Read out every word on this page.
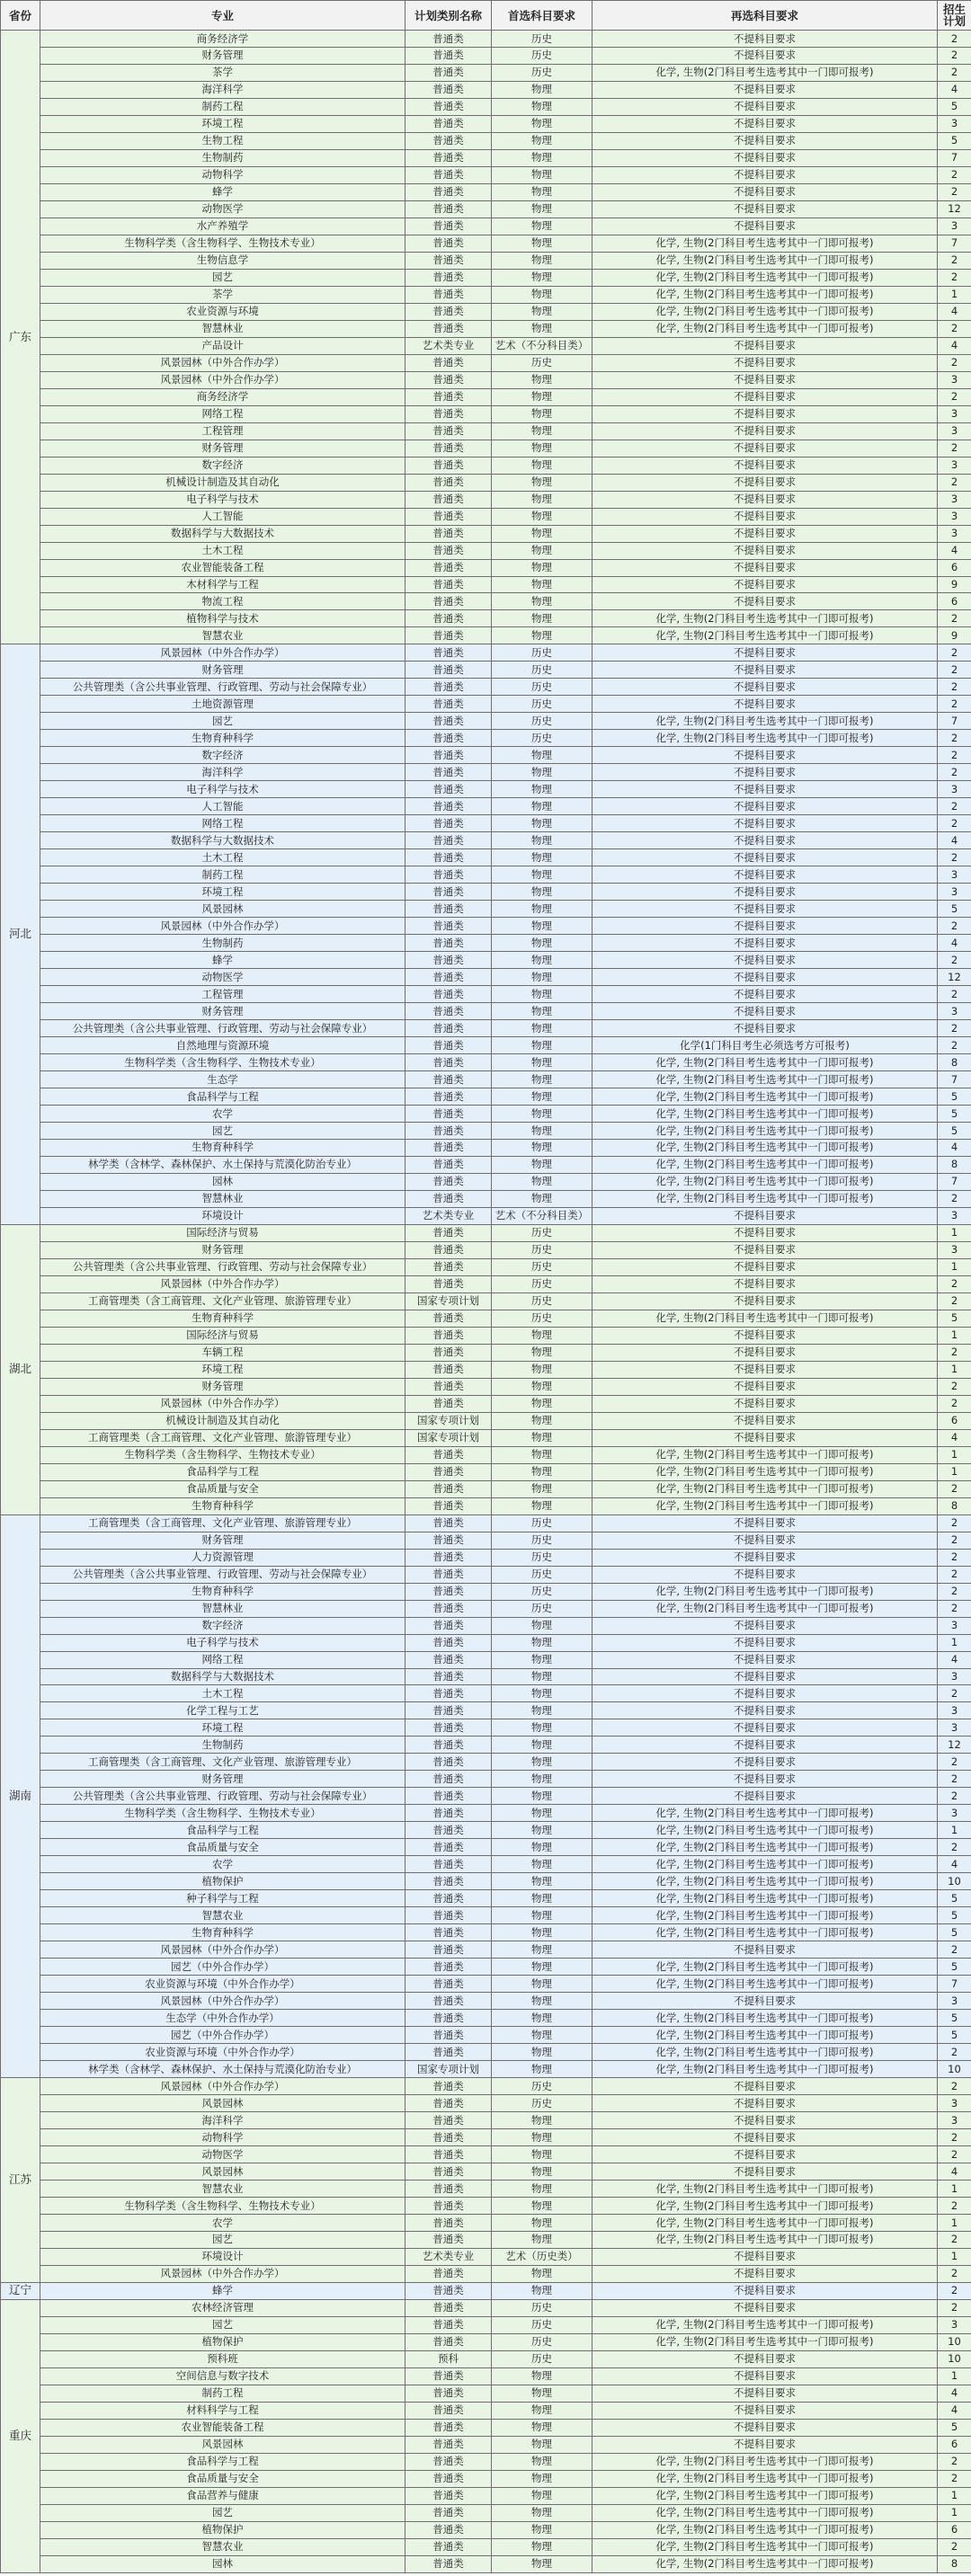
省份	专业	计划类别名称	首选科目要求	再选科目要求	招生计划
广东	商务经济学	普通类	历史	不提科目要求	2
	财务管理	普通类	历史	不提科目要求	2
	茶学	普通类	历史	化学, 生物(2门科目考生选考其中一门即可报考)	2
	海洋科学	普通类	物理	不提科目要求	4
	制药工程	普通类	物理	不提科目要求	5
	环境工程	普通类	物理	不提科目要求	3
	生物工程	普通类	物理	不提科目要求	5
	生物制药	普通类	物理	不提科目要求	7
	动物科学	普通类	物理	不提科目要求	2
	蜂学	普通类	物理	不提科目要求	2
	动物医学	普通类	物理	不提科目要求	12
	水产养殖学	普通类	物理	不提科目要求	3
	生物科学类（含生物科学、生物技术专业）	普通类	物理	化学, 生物(2门科目考生选考其中一门即可报考)	7
	生物信息学	普通类	物理	化学, 生物(2门科目考生选考其中一门即可报考)	2
	园艺	普通类	物理	化学, 生物(2门科目考生选考其中一门即可报考)	2
	茶学	普通类	物理	化学, 生物(2门科目考生选考其中一门即可报考)	1
	农业资源与环境	普通类	物理	化学, 生物(2门科目考生选考其中一门即可报考)	4
	智慧林业	普通类	物理	化学, 生物(2门科目考生选考其中一门即可报考)	2
	产品设计	艺术类专业	艺术（不分科目类）	不提科目要求	4
	风景园林（中外合作办学）	普通类	历史	不提科目要求	2
	风景园林（中外合作办学）	普通类	物理	不提科目要求	3
	商务经济学	普通类	物理	不提科目要求	2
	网络工程	普通类	物理	不提科目要求	3
	工程管理	普通类	物理	不提科目要求	3
	财务管理	普通类	物理	不提科目要求	2
	数字经济	普通类	物理	不提科目要求	3
	机械设计制造及其自动化	普通类	物理	不提科目要求	2
	电子科学与技术	普通类	物理	不提科目要求	3
	人工智能	普通类	物理	不提科目要求	3
	数据科学与大数据技术	普通类	物理	不提科目要求	3
	土木工程	普通类	物理	不提科目要求	4
	农业智能装备工程	普通类	物理	不提科目要求	6
	木材科学与工程	普通类	物理	不提科目要求	9
	物流工程	普通类	物理	不提科目要求	6
	植物科学与技术	普通类	物理	化学, 生物(2门科目考生选考其中一门即可报考)	2
	智慧农业	普通类	物理	化学, 生物(2门科目考生选考其中一门即可报考)	9
河北	风景园林（中外合作办学）	普通类	历史	不提科目要求	2
	财务管理	普通类	历史	不提科目要求	2
	公共管理类（含公共事业管理、行政管理、劳动与社会保障专业）	普通类	历史	不提科目要求	2
	土地资源管理	普通类	历史	不提科目要求	2
	园艺	普通类	历史	化学, 生物(2门科目考生选考其中一门即可报考)	7
	生物育种科学	普通类	历史	化学, 生物(2门科目考生选考其中一门即可报考)	2
	数字经济	普通类	物理	不提科目要求	2
	海洋科学	普通类	物理	不提科目要求	2
	电子科学与技术	普通类	物理	不提科目要求	3
	人工智能	普通类	物理	不提科目要求	2
	网络工程	普通类	物理	不提科目要求	2
	数据科学与大数据技术	普通类	物理	不提科目要求	4
	土木工程	普通类	物理	不提科目要求	2
	制药工程	普通类	物理	不提科目要求	3
	环境工程	普通类	物理	不提科目要求	3
	风景园林	普通类	物理	不提科目要求	5
	风景园林（中外合作办学）	普通类	物理	不提科目要求	2
	生物制药	普通类	物理	不提科目要求	4
	蜂学	普通类	物理	不提科目要求	2
	动物医学	普通类	物理	不提科目要求	12
	工程管理	普通类	物理	不提科目要求	2
	财务管理	普通类	物理	不提科目要求	3
	公共管理类（含公共事业管理、行政管理、劳动与社会保障专业）	普通类	物理	不提科目要求	2
	自然地理与资源环境	普通类	物理	化学(1门科目考生必须选考方可报考)	2
	生物科学类（含生物科学、生物技术专业）	普通类	物理	化学, 生物(2门科目考生选考其中一门即可报考)	8
	生态学	普通类	物理	化学, 生物(2门科目考生选考其中一门即可报考)	7
	食品科学与工程	普通类	物理	化学, 生物(2门科目考生选考其中一门即可报考)	5
	农学	普通类	物理	化学, 生物(2门科目考生选考其中一门即可报考)	5
	园艺	普通类	物理	化学, 生物(2门科目考生选考其中一门即可报考)	5
	生物育种科学	普通类	物理	化学, 生物(2门科目考生选考其中一门即可报考)	4
	林学类（含林学、森林保护、水土保持与荒漠化防治专业）	普通类	物理	化学, 生物(2门科目考生选考其中一门即可报考)	8
	园林	普通类	物理	化学, 生物(2门科目考生选考其中一门即可报考)	7
	智慧林业	普通类	物理	化学, 生物(2门科目考生选考其中一门即可报考)	2
	环境设计	艺术类专业	艺术（不分科目类）	不提科目要求	3
湖北	国际经济与贸易	普通类	历史	不提科目要求	1
	财务管理	普通类	历史	不提科目要求	3
	公共管理类（含公共事业管理、行政管理、劳动与社会保障专业）	普通类	历史	不提科目要求	1
	风景园林（中外合作办学）	普通类	历史	不提科目要求	2
	工商管理类（含工商管理、文化产业管理、旅游管理专业）	国家专项计划	历史	不提科目要求	2
	生物育种科学	普通类	历史	化学, 生物(2门科目考生选考其中一门即可报考)	5
	国际经济与贸易	普通类	物理	不提科目要求	1
	车辆工程	普通类	物理	不提科目要求	2
	环境工程	普通类	物理	不提科目要求	1
	财务管理	普通类	物理	不提科目要求	2
	风景园林（中外合作办学）	普通类	物理	不提科目要求	2
	机械设计制造及其自动化	国家专项计划	物理	不提科目要求	6
	工商管理类（含工商管理、文化产业管理、旅游管理专业）	国家专项计划	物理	不提科目要求	4
	生物科学类（含生物科学、生物技术专业）	普通类	物理	化学, 生物(2门科目考生选考其中一门即可报考)	1
	食品科学与工程	普通类	物理	化学, 生物(2门科目考生选考其中一门即可报考)	1
	食品质量与安全	普通类	物理	化学, 生物(2门科目考生选考其中一门即可报考)	2
	生物育种科学	普通类	物理	化学, 生物(2门科目考生选考其中一门即可报考)	8
湖南	工商管理类（含工商管理、文化产业管理、旅游管理专业）	普通类	历史	不提科目要求	2
	财务管理	普通类	历史	不提科目要求	2
	人力资源管理	普通类	历史	不提科目要求	2
	公共管理类（含公共事业管理、行政管理、劳动与社会保障专业）	普通类	历史	不提科目要求	2
	生物育种科学	普通类	历史	化学, 生物(2门科目考生选考其中一门即可报考)	2
	智慧林业	普通类	历史	化学, 生物(2门科目考生选考其中一门即可报考)	2
	数字经济	普通类	物理	不提科目要求	3
	电子科学与技术	普通类	物理	不提科目要求	1
	网络工程	普通类	物理	不提科目要求	4
	数据科学与大数据技术	普通类	物理	不提科目要求	3
	土木工程	普通类	物理	不提科目要求	2
	化学工程与工艺	普通类	物理	不提科目要求	3
	环境工程	普通类	物理	不提科目要求	3
	生物制药	普通类	物理	不提科目要求	12
	工商管理类（含工商管理、文化产业管理、旅游管理专业）	普通类	物理	不提科目要求	2
	财务管理	普通类	物理	不提科目要求	2
	公共管理类（含公共事业管理、行政管理、劳动与社会保障专业）	普通类	物理	不提科目要求	2
	生物科学类（含生物科学、生物技术专业）	普通类	物理	化学, 生物(2门科目考生选考其中一门即可报考)	3
	食品科学与工程	普通类	物理	化学, 生物(2门科目考生选考其中一门即可报考)	1
	食品质量与安全	普通类	物理	化学, 生物(2门科目考生选考其中一门即可报考)	2
	农学	普通类	物理	化学, 生物(2门科目考生选考其中一门即可报考)	4
	植物保护	普通类	物理	化学, 生物(2门科目考生选考其中一门即可报考)	10
	种子科学与工程	普通类	物理	化学, 生物(2门科目考生选考其中一门即可报考)	5
	智慧农业	普通类	物理	化学, 生物(2门科目考生选考其中一门即可报考)	5
	生物育种科学	普通类	物理	化学, 生物(2门科目考生选考其中一门即可报考)	5
	风景园林（中外合作办学）	普通类	物理	不提科目要求	2
	园艺（中外合作办学）	普通类	物理	化学, 生物(2门科目考生选考其中一门即可报考)	5
	农业资源与环境（中外合作办学）	普通类	物理	化学, 生物(2门科目考生选考其中一门即可报考)	7
	风景园林（中外合作办学）	普通类	物理	不提科目要求	3
	生态学（中外合作办学）	普通类	物理	化学, 生物(2门科目考生选考其中一门即可报考)	5
	园艺（中外合作办学）	普通类	物理	化学, 生物(2门科目考生选考其中一门即可报考)	5
	农业资源与环境（中外合作办学）	普通类	物理	化学, 生物(2门科目考生选考其中一门即可报考)	2
	林学类（含林学、森林保护、水土保持与荒漠化防治专业）	国家专项计划	物理	化学, 生物(2门科目考生选考其中一门即可报考)	10
江苏	风景园林（中外合作办学）	普通类	历史	不提科目要求	2
	风景园林	普通类	历史	不提科目要求	3
	海洋科学	普通类	物理	不提科目要求	3
	动物科学	普通类	物理	不提科目要求	2
	动物医学	普通类	物理	不提科目要求	2
	风景园林	普通类	物理	不提科目要求	4
	智慧农业	普通类	物理	化学, 生物(2门科目考生选考其中一门即可报考)	1
	生物科学类（含生物科学、生物技术专业）	普通类	物理	化学, 生物(2门科目考生选考其中一门即可报考)	2
	农学	普通类	物理	化学, 生物(2门科目考生选考其中一门即可报考)	1
	园艺	普通类	物理	化学, 生物(2门科目考生选考其中一门即可报考)	2
	环境设计	艺术类专业	艺术（历史类）	不提科目要求	1
	风景园林（中外合作办学）	普通类	物理	不提科目要求	2
辽宁	蜂学	普通类	物理	不提科目要求	2
重庆	农林经济管理	普通类	历史	不提科目要求	2
	园艺	普通类	历史	化学, 生物(2门科目考生选考其中一门即可报考)	3
	植物保护	普通类	历史	化学, 生物(2门科目考生选考其中一门即可报考)	10
	预科班	预科	历史	不提科目要求	10
	空间信息与数字技术	普通类	物理	不提科目要求	1
	制药工程	普通类	物理	不提科目要求	4
	材料科学与工程	普通类	物理	不提科目要求	4
	农业智能装备工程	普通类	物理	不提科目要求	5
	风景园林	普通类	物理	不提科目要求	6
	食品科学与工程	普通类	物理	化学, 生物(2门科目考生选考其中一门即可报考)	2
	食品质量与安全	普通类	物理	化学, 生物(2门科目考生选考其中一门即可报考)	2
	食品营养与健康	普通类	物理	化学, 生物(2门科目考生选考其中一门即可报考)	1
	园艺	普通类	物理	化学, 生物(2门科目考生选考其中一门即可报考)	1
	植物保护	普通类	物理	化学, 生物(2门科目考生选考其中一门即可报考)	6
	智慧农业	普通类	物理	化学, 生物(2门科目考生选考其中一门即可报考)	2
	园林	普通类	物理	化学, 生物(2门科目考生选考其中一门即可报考)	8
